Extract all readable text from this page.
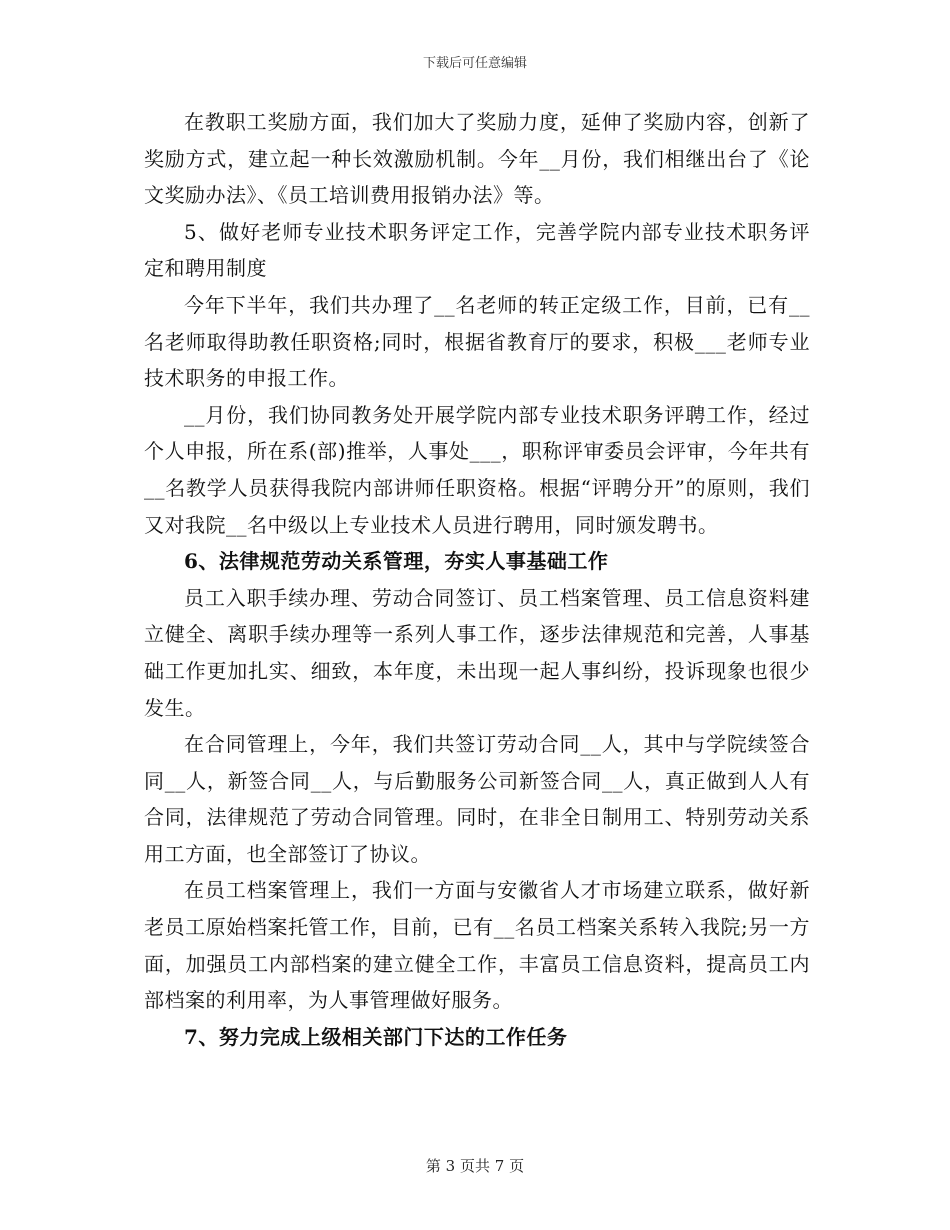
下载后可任意编辑

在教职工奖励方面，我们加大了奖励力度，延伸了奖励内容，创新了奖励方式，建立起一种长效激励机制。今年__月份，我们相继出台了《论文奖励办法》、《员工培训费用报销办法》等。

5、做好老师专业技术职务评定工作，完善学院内部专业技术职务评定和聘用制度

今年下半年，我们共办理了__名老师的转正定级工作，目前，已有__名老师取得助教任职资格;同时，根据省教育厅的要求，积极___老师专业技术职务的申报工作。

__月份，我们协同教务处开展学院内部专业技术职务评聘工作，经过个人申报，所在系(部)推举，人事处___，职称评审委员会评审，今年共有__名教学人员获得我院内部讲师任职资格。根据“评聘分开”的原则，我们又对我院__名中级以上专业技术人员进行聘用，同时颁发聘书。

6、法律规范劳动关系管理，夯实人事基础工作

员工入职手续办理、劳动合同签订、员工档案管理、员工信息资料建立健全、离职手续办理等一系列人事工作，逐步法律规范和完善，人事基础工作更加扎实、细致，本年度，未出现一起人事纠纷，投诉现象也很少发生。

在合同管理上，今年，我们共签订劳动合同__人，其中与学院续签合同__人，新签合同__人，与后勤服务公司新签合同__人，真正做到人人有合同，法律规范了劳动合同管理。同时，在非全日制用工、特别劳动关系用工方面，也全部签订了协议。

在员工档案管理上，我们一方面与安徽省人才市场建立联系，做好新老员工原始档案托管工作，目前，已有__名员工档案关系转入我院;另一方面，加强员工内部档案的建立健全工作，丰富员工信息资料，提高员工内部档案的利用率，为人事管理做好服务。

7、努力完成上级相关部门下达的工作任务

第 3 页共 7 页
